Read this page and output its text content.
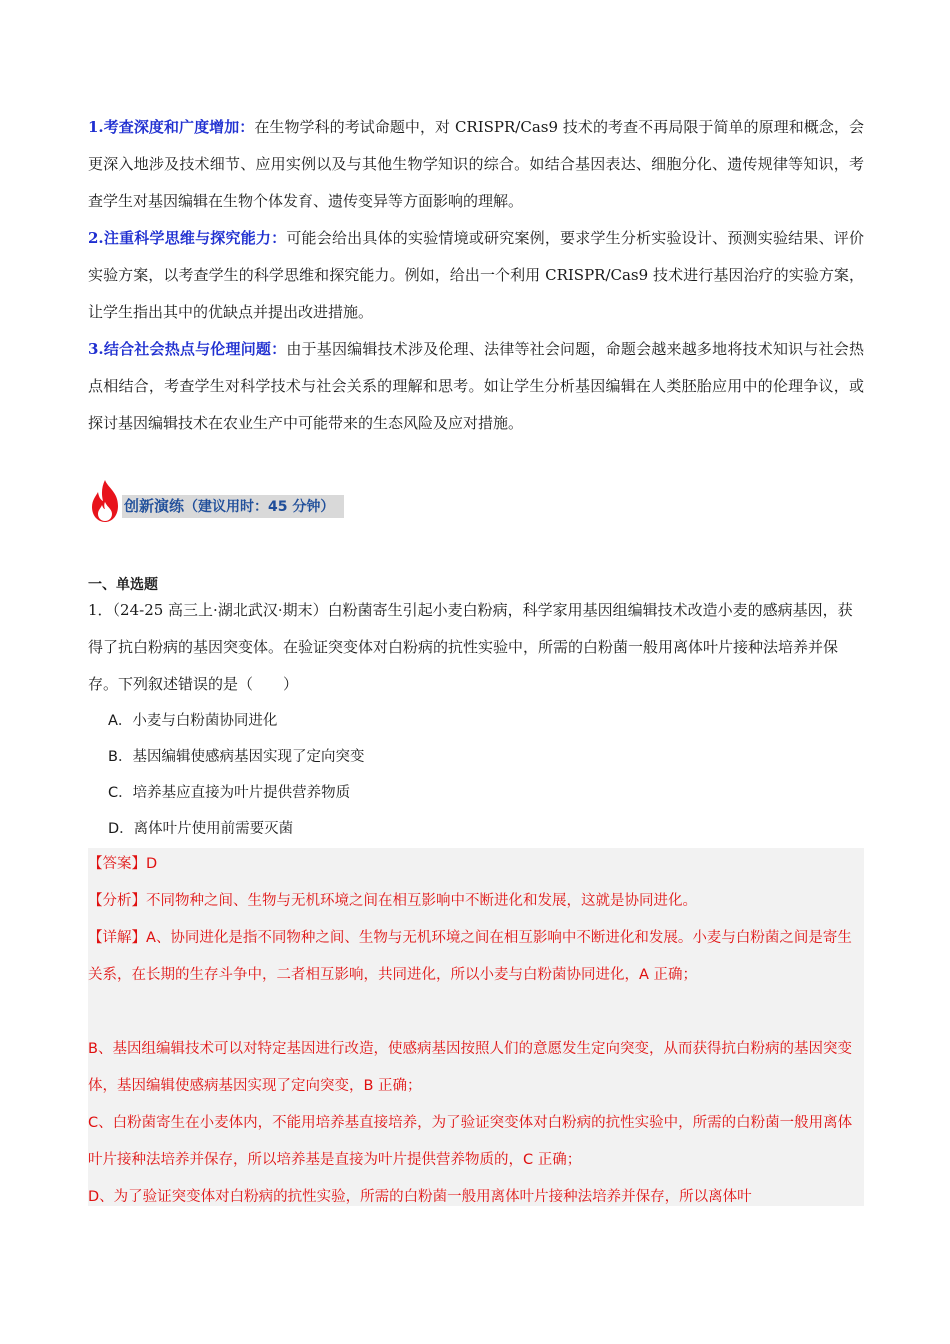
1.考查深度和广度增加：在生物学科的考试命题中，对 CRISPR/Cas9 技术的考查不再局限于简单的原理和概念，会更深入地涉及技术细节、应用实例以及与其他生物学知识的综合。如结合基因表达、细胞分化、遗传规律等知识，考查学生对基因编辑在生物个体发育、遗传变异等方面影响的理解。

2.注重科学思维与探究能力：可能会给出具体的实验情境或研究案例，要求学生分析实验设计、预测实验结果、评价实验方案，以考查学生的科学思维和探究能力。例如，给出一个利用 CRISPR/Cas9 技术进行基因治疗的实验方案，让学生指出其中的优缺点并提出改进措施。

3.结合社会热点与伦理问题：由于基因编辑技术涉及伦理、法律等社会问题，命题会越来越多地将技术知识与社会热点相结合，考查学生对科学技术与社会关系的理解和思考。如让学生分析基因编辑在人类胚胎应用中的伦理争议，或探讨基因编辑技术在农业生产中可能带来的生态风险及应对措施。

创新演练（建议用时：45 分钟）
一、单选题

1．（24-25 高三上·湖北武汉·期末）白粉菌寄生引起小麦白粉病，科学家用基因组编辑技术改造小麦的感病基因，获得了抗白粉病的基因突变体。在验证突变体对白粉病的抗性实验中，所需的白粉菌一般用离体叶片接种法培养并保存。下列叙述错误的是（　　）

A．小麦与白粉菌协同进化
B．基因编辑使感病基因实现了定向突变
C．培养基应直接为叶片提供营养物质
D．离体叶片使用前需要灭菌

【答案】D

【分析】不同物种之间、生物与无机环境之间在相互影响中不断进化和发展，这就是协同进化。

【详解】A、协同进化是指不同物种之间、生物与无机环境之间在相互影响中不断进化和发展。小麦与白粉菌之间是寄生关系，在长期的生存斗争中，二者相互影响，共同进化，所以小麦与白粉菌协同进化，A 正确；

B、基因组编辑技术可以对特定基因进行改造，使感病基因按照人们的意愿发生定向突变，从而获得抗白粉病的基因突变体，基因编辑使感病基因实现了定向突变，B 正确；

C、白粉菌寄生在小麦体内，不能用培养基直接培养，为了验证突变体对白粉病的抗性实验中，所需的白粉菌一般用离体叶片接种法培养并保存，所以培养基是直接为叶片提供营养物质的，C 正确；

D、为了验证突变体对白粉病的抗性实验，所需的白粉菌一般用离体叶片接种法培养并保存，所以离体叶
